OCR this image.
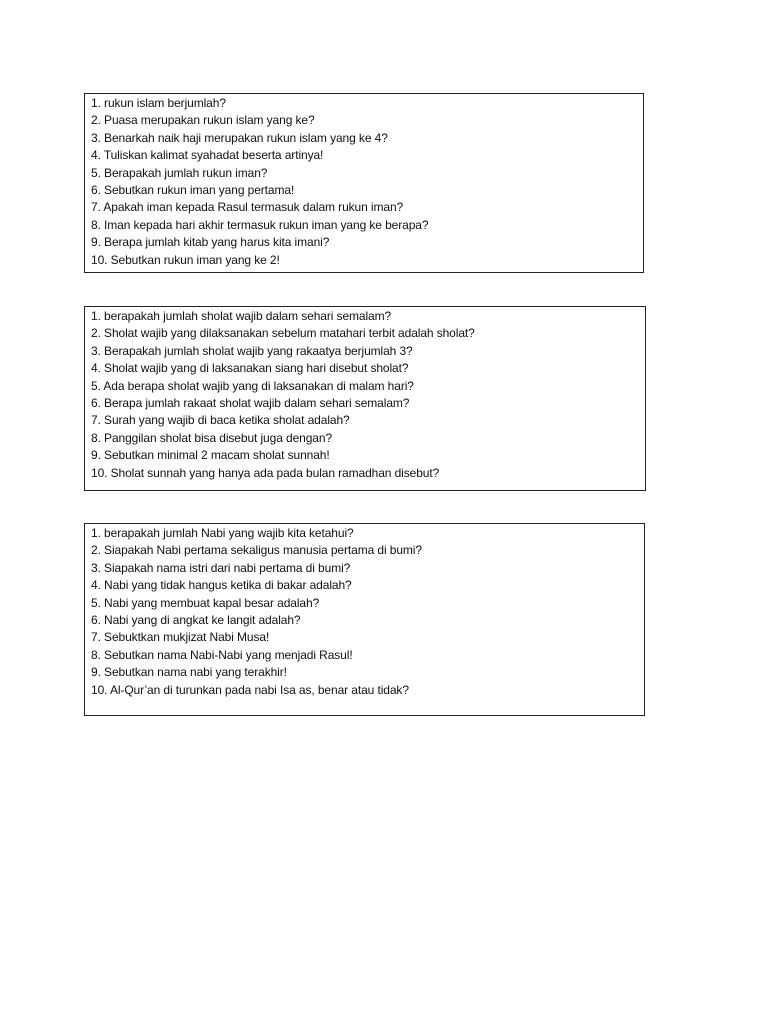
1. rukun islam berjumlah?
2. Puasa merupakan rukun islam yang ke?
3. Benarkah naik haji merupakan rukun islam yang ke 4?
4. Tuliskan kalimat syahadat beserta artinya!
5. Berapakah jumlah rukun iman?
6. Sebutkan rukun iman yang pertama!
7. Apakah iman kepada Rasul termasuk dalam rukun iman?
8. Iman kepada hari akhir termasuk rukun iman yang ke berapa?
9. Berapa jumlah kitab yang harus kita imani?
10. Sebutkan rukun iman yang ke 2!
1. berapakah jumlah sholat wajib dalam sehari semalam?
2. Sholat wajib yang dilaksanakan sebelum matahari terbit adalah sholat?
3. Berapakah jumlah sholat wajib yang rakaatya berjumlah 3?
4. Sholat wajib yang di laksanakan siang hari disebut sholat?
5. Ada berapa sholat wajib yang di laksanakan di malam hari?
6. Berapa jumlah rakaat sholat wajib dalam sehari semalam?
7. Surah yang wajib di baca ketika sholat adalah?
8. Panggilan sholat bisa disebut juga dengan?
9. Sebutkan minimal 2 macam sholat sunnah!
10. Sholat sunnah yang hanya ada pada bulan ramadhan disebut?
1. berapakah jumlah Nabi yang wajib kita ketahui?
2. Siapakah Nabi pertama sekaligus manusia pertama di bumi?
3. Siapakah nama istri dari nabi pertama di bumi?
4. Nabi yang tidak hangus ketika di bakar adalah?
5. Nabi yang membuat kapal besar adalah?
6. Nabi yang di angkat ke langit adalah?
7. Sebuktkan mukjizat Nabi Musa!
8. Sebutkan nama Nabi-Nabi yang menjadi Rasul!
9. Sebutkan nama nabi yang terakhir!
10. Al-Qur’an di turunkan pada nabi Isa as, benar atau tidak?
